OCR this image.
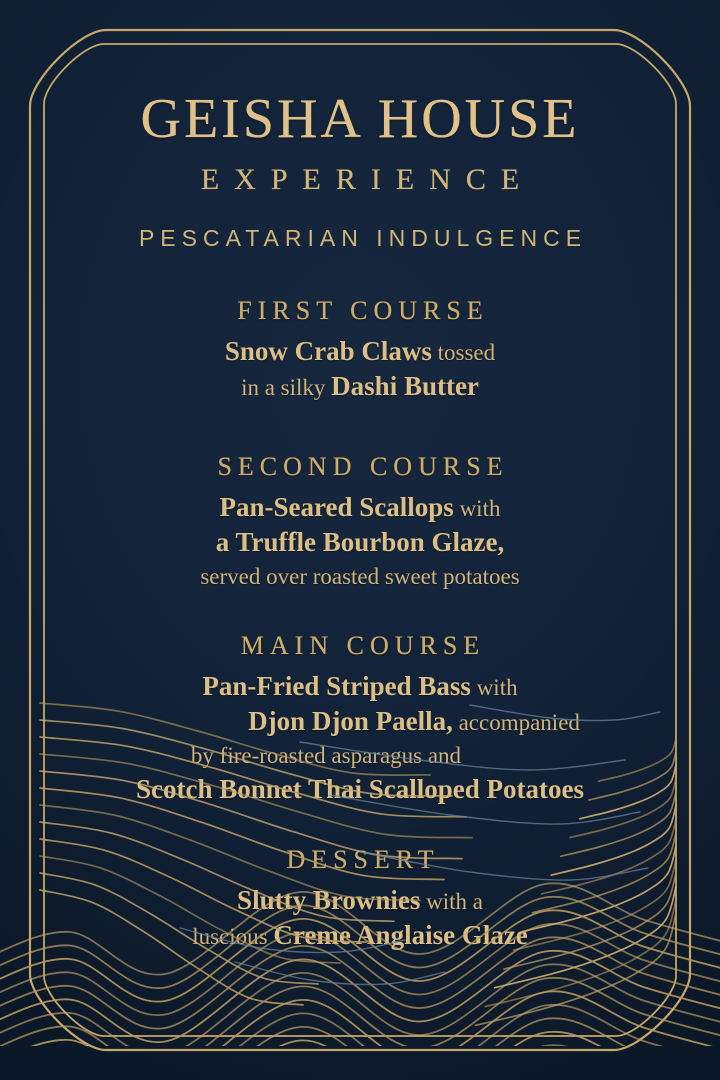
GEISHA HOUSE
EXPERIENCE
PESCATARIAN INDULGENCE
FIRST COURSE
Snow Crab Claws tossed
in a silky Dashi Butter
SECOND COURSE
Pan-Seared Scallops with
a Truffle Bourbon Glaze,
served over roasted sweet potatoes
MAIN COURSE
Pan-Fried Striped Bass with
Djon Djon Paella, accompanied
by fire-roasted asparagus and
Scotch Bonnet Thai Scalloped Potatoes
DESSERT
Slutty Brownies with a
luscious Creme Anglaise Glaze
